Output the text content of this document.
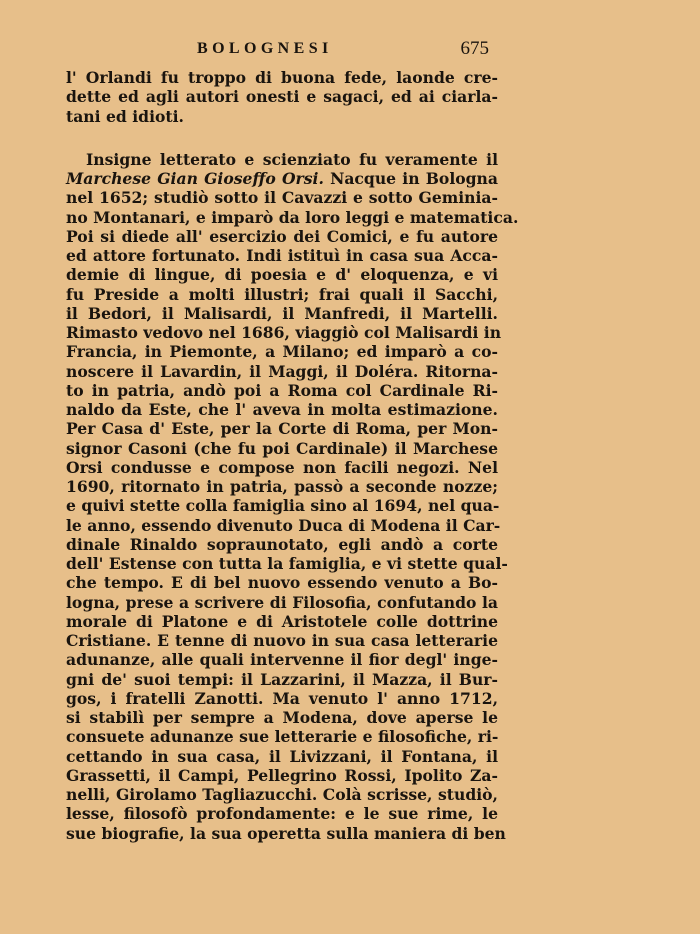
BOLOGNESI	675
l' Orlandi fu troppo di buona fede, laonde cre-
dette ed agli autori onesti e sagaci, ed ai ciarla-
tani ed idioti.
Insigne letterato e scienziato fu veramente il
Marchese Gian Gioseffo Orsi. Nacque in Bologna
nel 1652; studiò sotto il Cavazzi e sotto Geminia-
no Montanari, e imparò da loro leggi e matematica.
Poi si diede all' esercizio dei Comici, e fu autore
ed attore fortunato. Indi istituì in casa sua Acca-
demie di lingue, di poesia e d' eloquenza, e vi
fu Preside a molti illustri; frai quali il Sacchi,
il Bedori, il Malisardi, il Manfredi, il Martelli.
Rimasto vedovo nel 1686, viaggiò col Malisardi in
Francia, in Piemonte, a Milano; ed imparò a co-
noscere il Lavardin, il Maggi, il Doléra. Ritorna-
to in patria, andò poi a Roma col Cardinale Ri-
naldo da Este, che l' aveva in molta estimazione.
Per Casa d' Este, per la Corte di Roma, per Mon-
signor Casoni (che fu poi Cardinale) il Marchese
Orsi condusse e compose non facili negozi. Nel
1690, ritornato in patria, passò a seconde nozze;
e quivi stette colla famiglia sino al 1694, nel qua-
le anno, essendo divenuto Duca di Modena il Car-
dinale Rinaldo sopraunotato, egli andò a corte
dell' Estense con tutta la famiglia, e vi stette qual-
che tempo. E di bel nuovo essendo venuto a Bo-
logna, prese a scrivere di Filosofia, confutando la
morale di Platone e di Aristotele colle dottrine
Cristiane. E tenne di nuovo in sua casa letterarie
adunanze, alle quali intervenne il fior degl' inge-
gni de' suoi tempi: il Lazzarini, il Mazza, il Bur-
gos, i fratelli Zanotti. Ma venuto l' anno 1712,
si stabilì per sempre a Modena, dove aperse le
consuete adunanze sue letterarie e filosofiche, ri-
cettando in sua casa, il Livizzani, il Fontana, il
Grassetti, il Campi, Pellegrino Rossi, Ipolito Za-
nelli, Girolamo Tagliazucchi. Colà scrisse, studiò,
lesse, filosofò profondamente: e le sue rime, le
sue biografie, la sua operetta sulla maniera di ben
